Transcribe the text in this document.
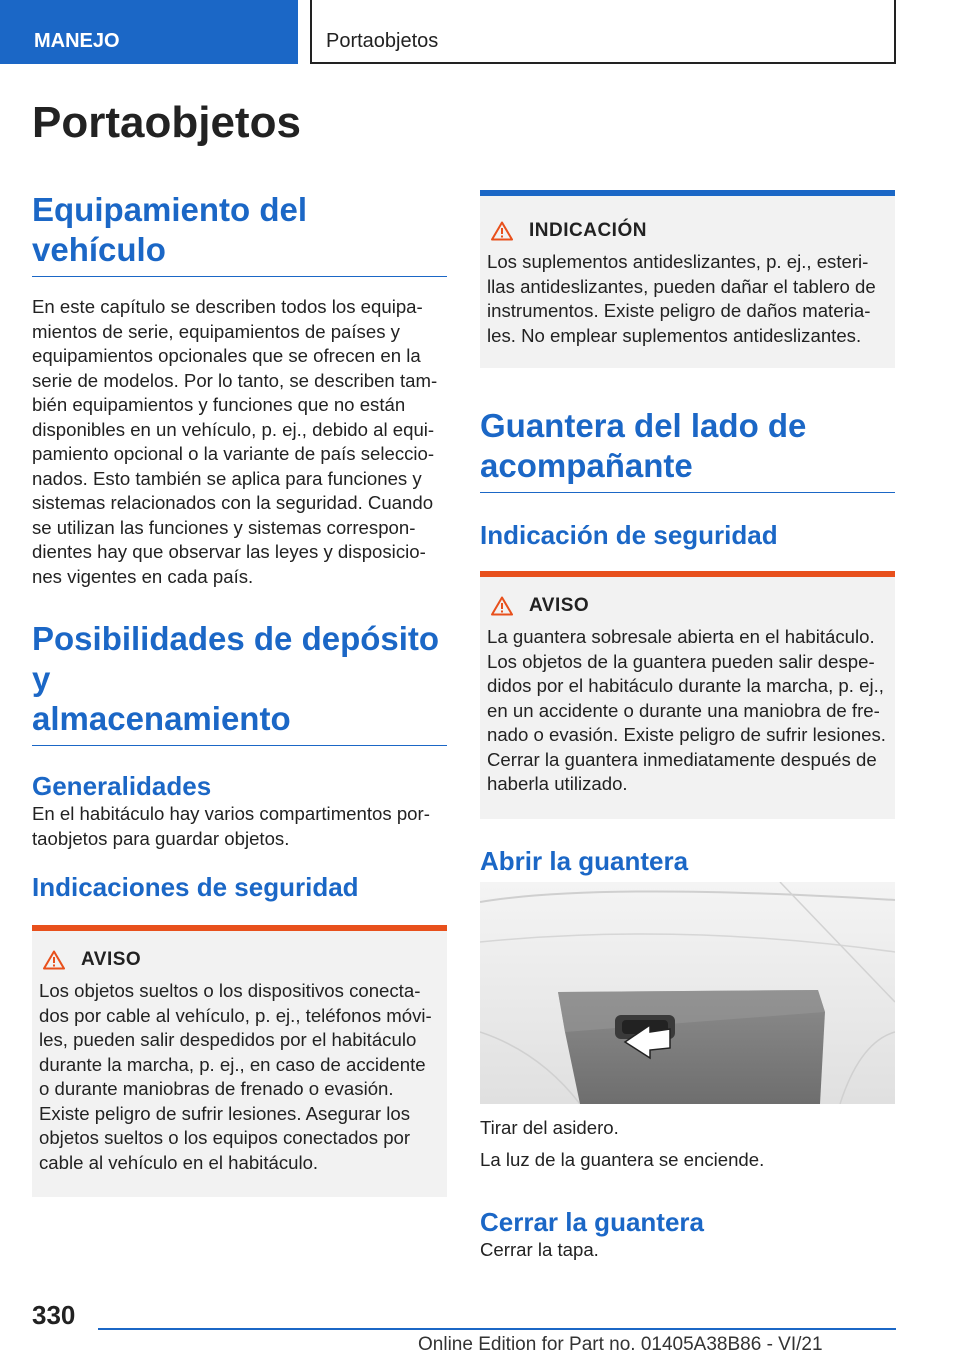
MANEJO	Portaobjetos
Portaobjetos
Equipamiento del vehículo

En este capítulo se describen todos los equipa-
mientos de serie, equipamientos de países y
equipamientos opcionales que se ofrecen en la
serie de modelos. Por lo tanto, se describen tam-
bién equipamientos y funciones que no están
disponibles en un vehículo, p. ej., debido al equi-
pamiento opcional o la variante de país seleccio-
nados. Esto también se aplica para funciones y
sistemas relacionados con la seguridad. Cuando
se utilizan las funciones y sistemas correspon-
dientes hay que observar las leyes y disposicio-
nes vigentes en cada país.

Posibilidades de depósito y
almacenamiento
Generalidades

En el habitáculo hay varios compartimentos por-
taobjetos para guardar objetos.

Indicaciones de seguridad
AVISO

Los objetos sueltos o los dispositivos conecta-
dos por cable al vehículo, p. ej., teléfonos móvi-
les, pueden salir despedidos por el habitáculo
durante la marcha, p. ej., en caso de accidente
o durante maniobras de frenado o evasión.
Existe peligro de sufrir lesiones. Asegurar los
objetos sueltos o los equipos conectados por
cable al vehículo en el habitáculo.

INDICACIÓN

Los suplementos antideslizantes, p. ej., esteri-
llas antideslizantes, pueden dañar el tablero de
instrumentos. Existe peligro de daños materia-
les. No emplear suplementos antideslizantes.

Guantera del lado de
acompañante
Indicación de seguridad
AVISO

La guantera sobresale abierta en el habitáculo.
Los objetos de la guantera pueden salir despe-
didos por el habitáculo durante la marcha, p. ej.,
en un accidente o durante una maniobra de fre-
nado o evasión. Existe peligro de sufrir lesiones.
Cerrar la guantera inmediatamente después de
haberla utilizado.

Abrir la guantera

Tirar del asidero.

La luz de la guantera se enciende.

Cerrar la guantera

Cerrar la tapa.

330
Online Edition for Part no. 01405A38B86 - VI/21
